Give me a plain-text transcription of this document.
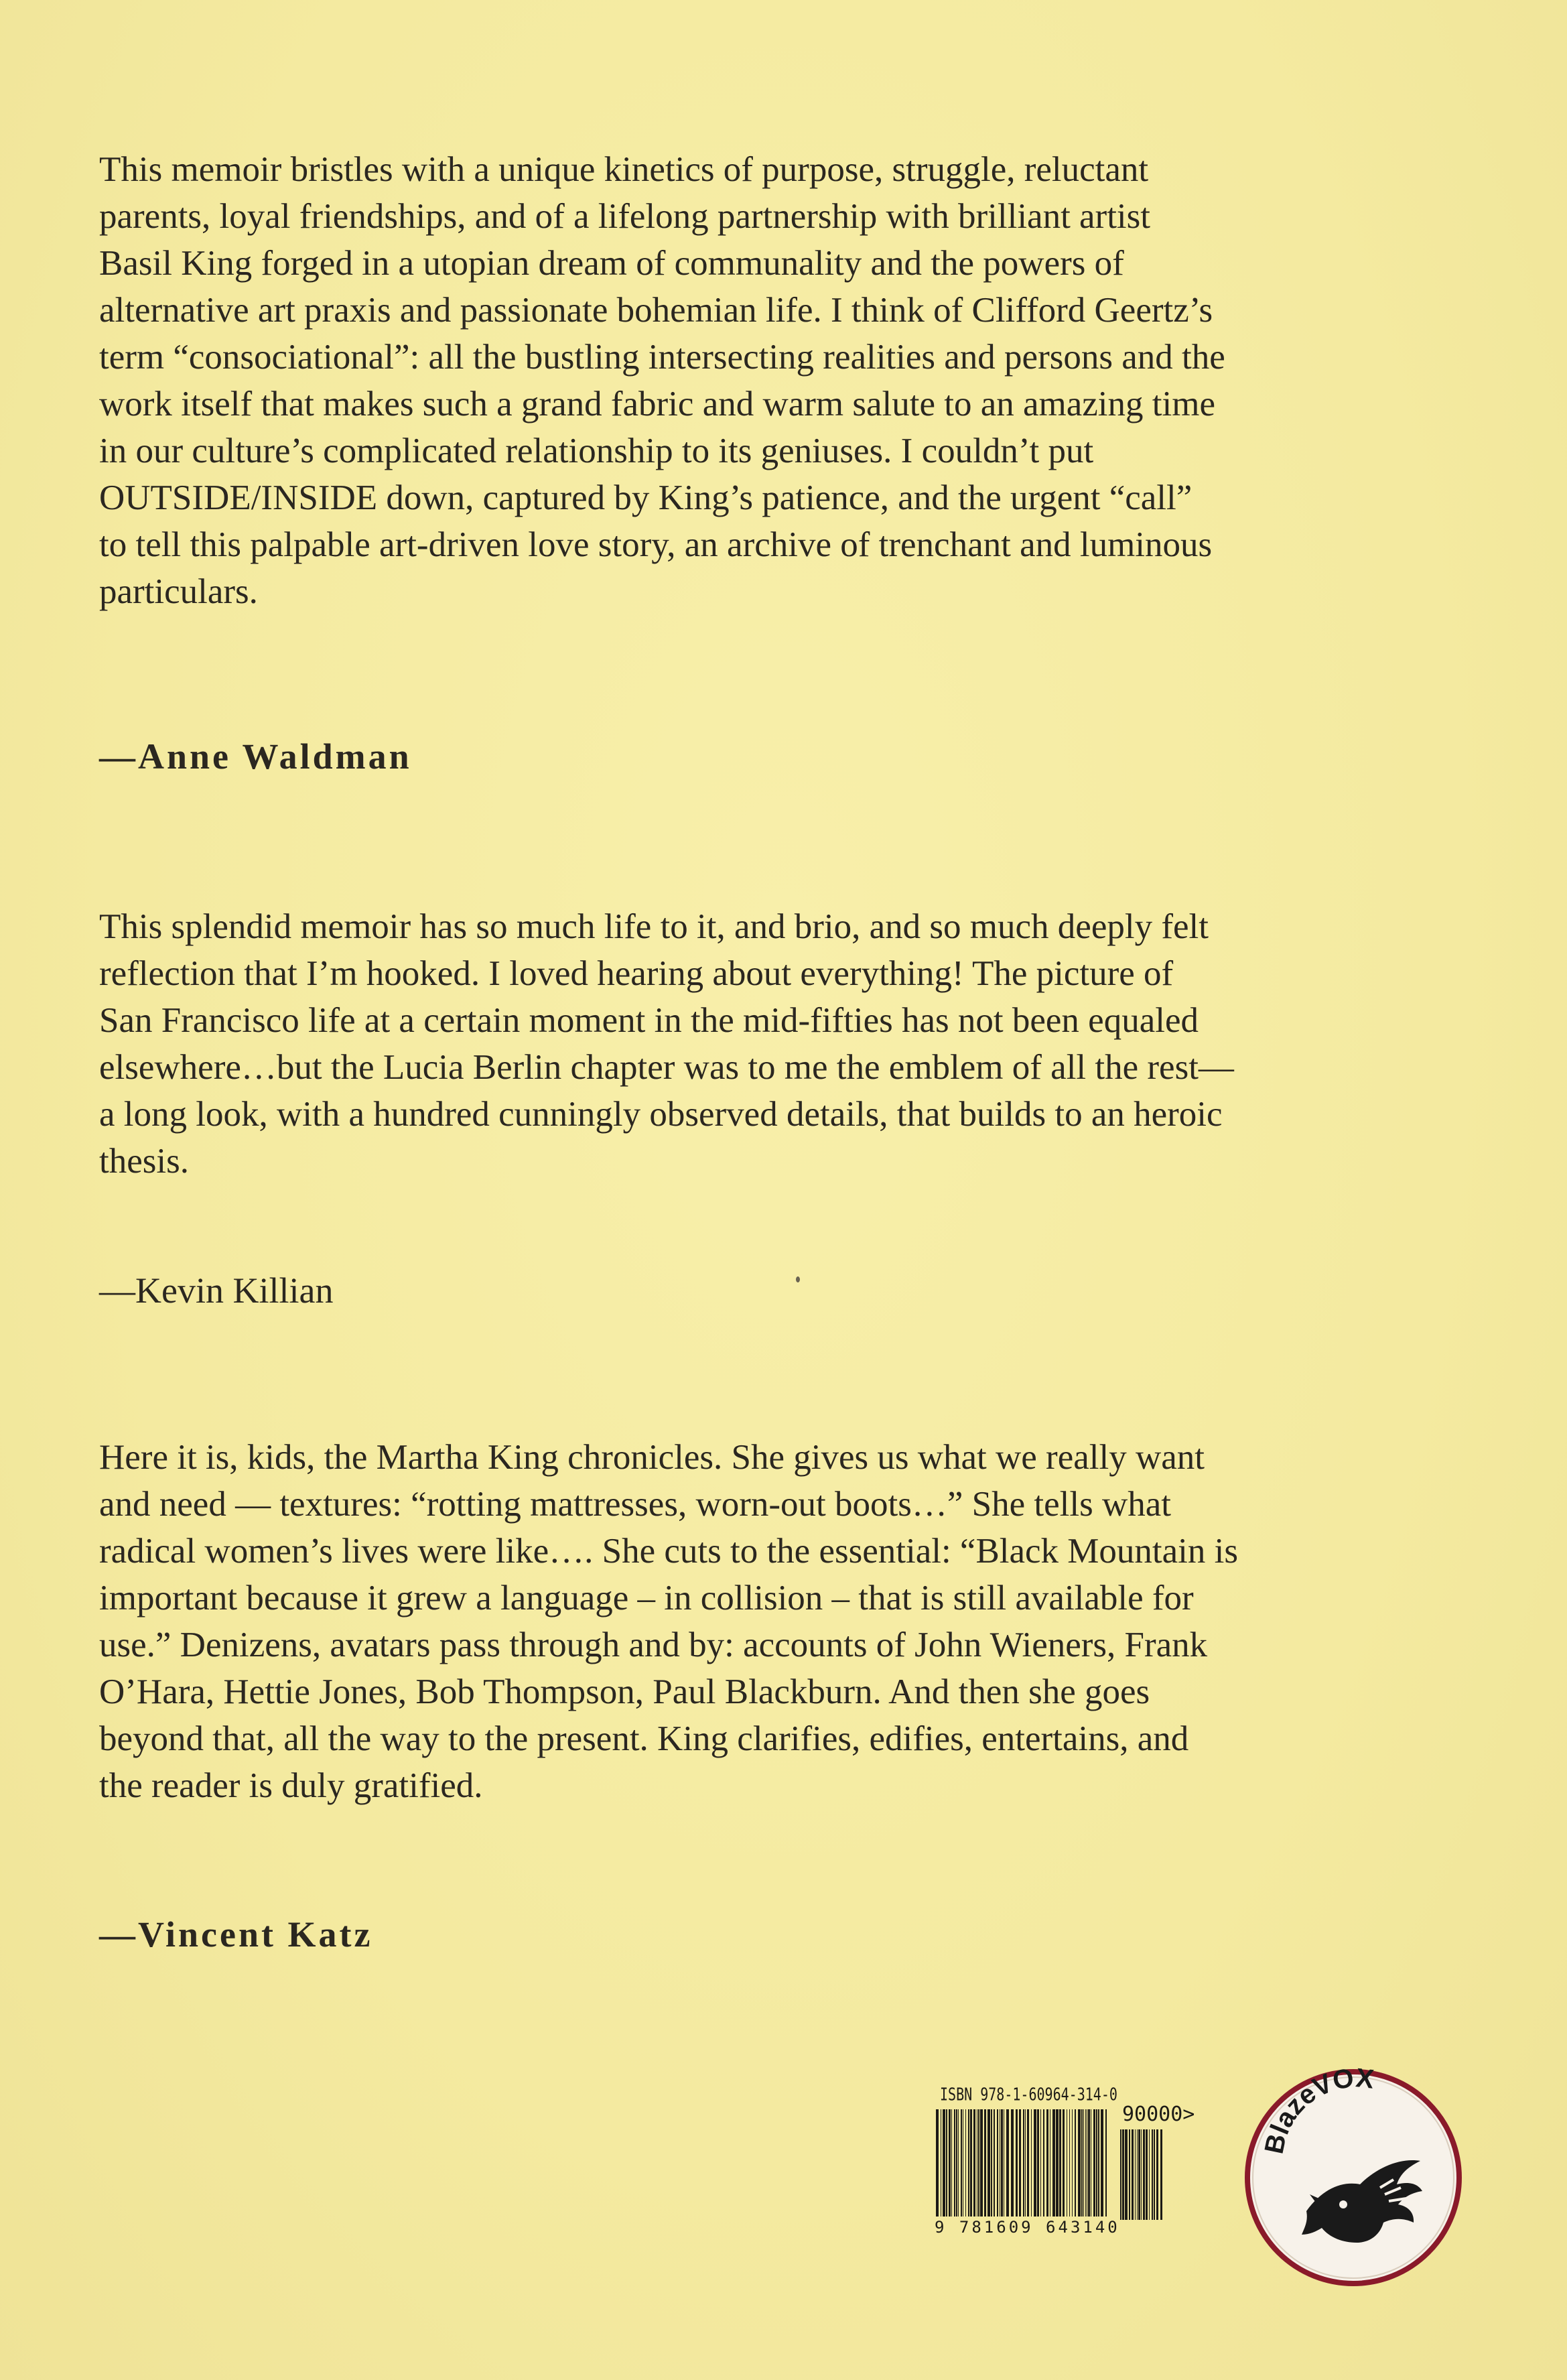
This memoir bristles with a unique kinetics of purpose, struggle, reluctant
parents, loyal friendships, and of a lifelong partnership with brilliant artist
Basil King forged in a utopian dream of communality and the powers of
alternative art praxis and passionate bohemian life. I think of Clifford Geertz’s
term “consociational”: all the bustling intersecting realities and persons and the
work itself that makes such a grand fabric and warm salute to an amazing time
in our culture’s complicated relationship to its geniuses. I couldn’t put
OUTSIDE/INSIDE down, captured by King’s patience, and the urgent “call”
to tell this palpable art-driven love story, an archive of trenchant and luminous
particulars.
—Anne Waldman
This splendid memoir has so much life to it, and brio, and so much deeply felt
reflection that I’m hooked. I loved hearing about everything! The picture of
San Francisco life at a certain moment in the mid-fifties has not been equaled
elsewhere…but the Lucia Berlin chapter was to me the emblem of all the rest—
a long look, with a hundred cunningly observed details, that builds to an heroic
thesis.
—Kevin Killian
Here it is, kids, the Martha King chronicles. She gives us what we really want
and need — textures: “rotting mattresses, worn-out boots…” She tells what
radical women’s lives were like…. She cuts to the essential: “Black Mountain is
important because it grew a language – in collision – that is still available for
use.” Denizens, avatars pass through and by: accounts of John Wieners, Frank
O’Hara, Hettie Jones, Bob Thompson, Paul Blackburn. And then she goes
beyond that, all the way to the present. King clarifies, edifies, entertains, and
the reader is duly gratified.
—Vincent Katz
ISBN 978-1-60964-314-0
90000>
9 781609 643140
BlazeVOX
